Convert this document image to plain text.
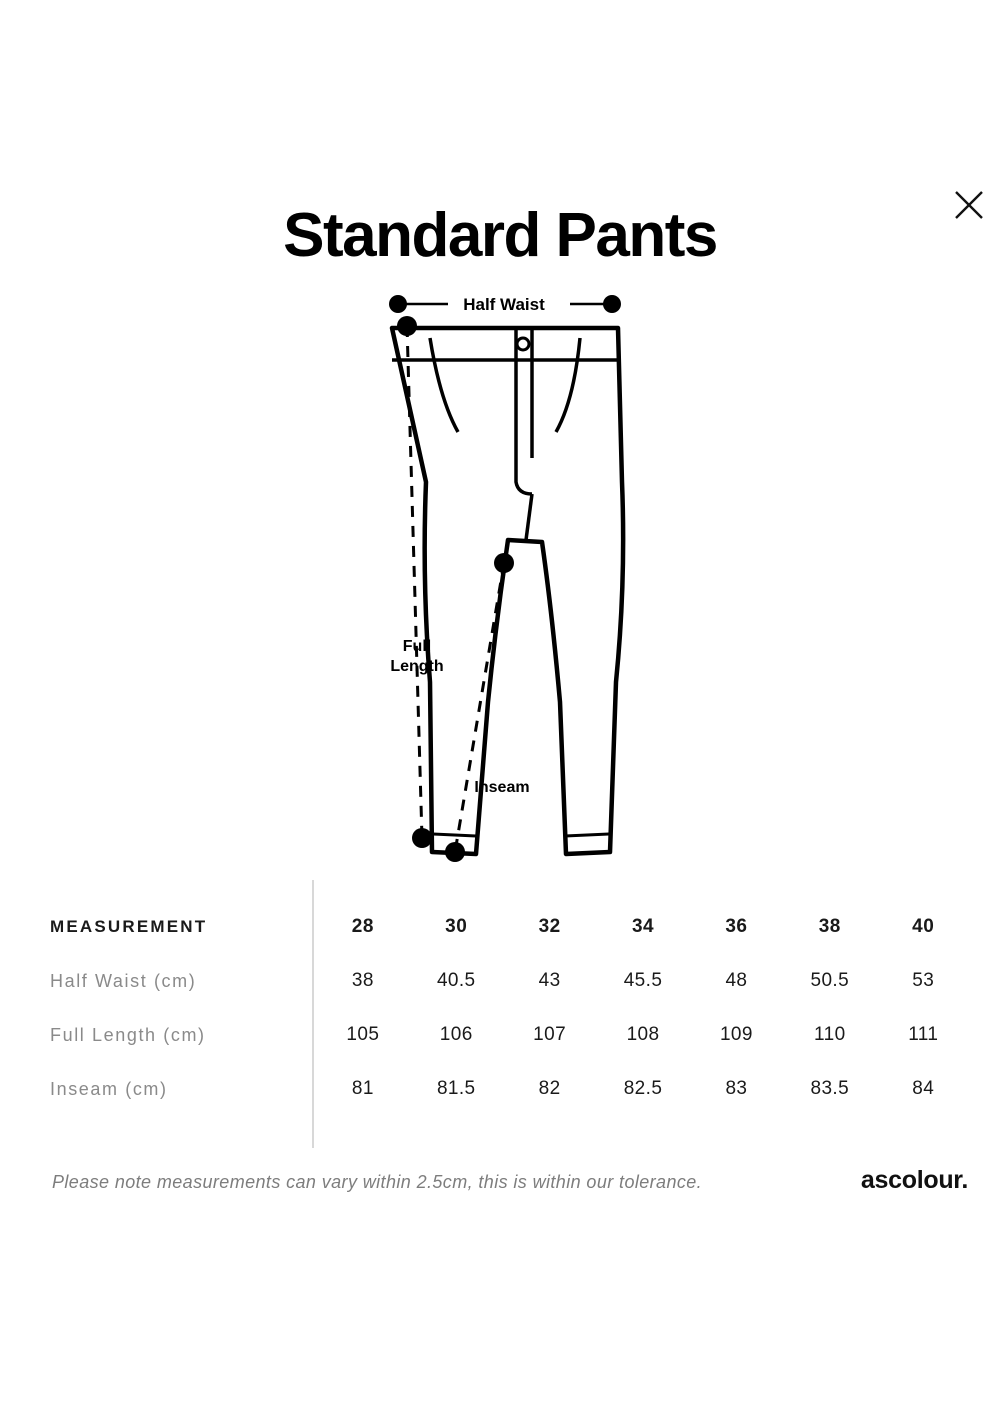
Standard Pants
Half Waist
Full
Length
Inseam
MEASUREMENT	28	30	32	34	36	38	40
Half Waist (cm)	38	40.5	43	45.5	48	50.5	53
Full Length (cm)	105	106	107	108	109	110	111
Inseam (cm)	81	81.5	82	82.5	83	83.5	84
Please note measurements can vary within 2.5cm, this is within our tolerance.	ascolour.
